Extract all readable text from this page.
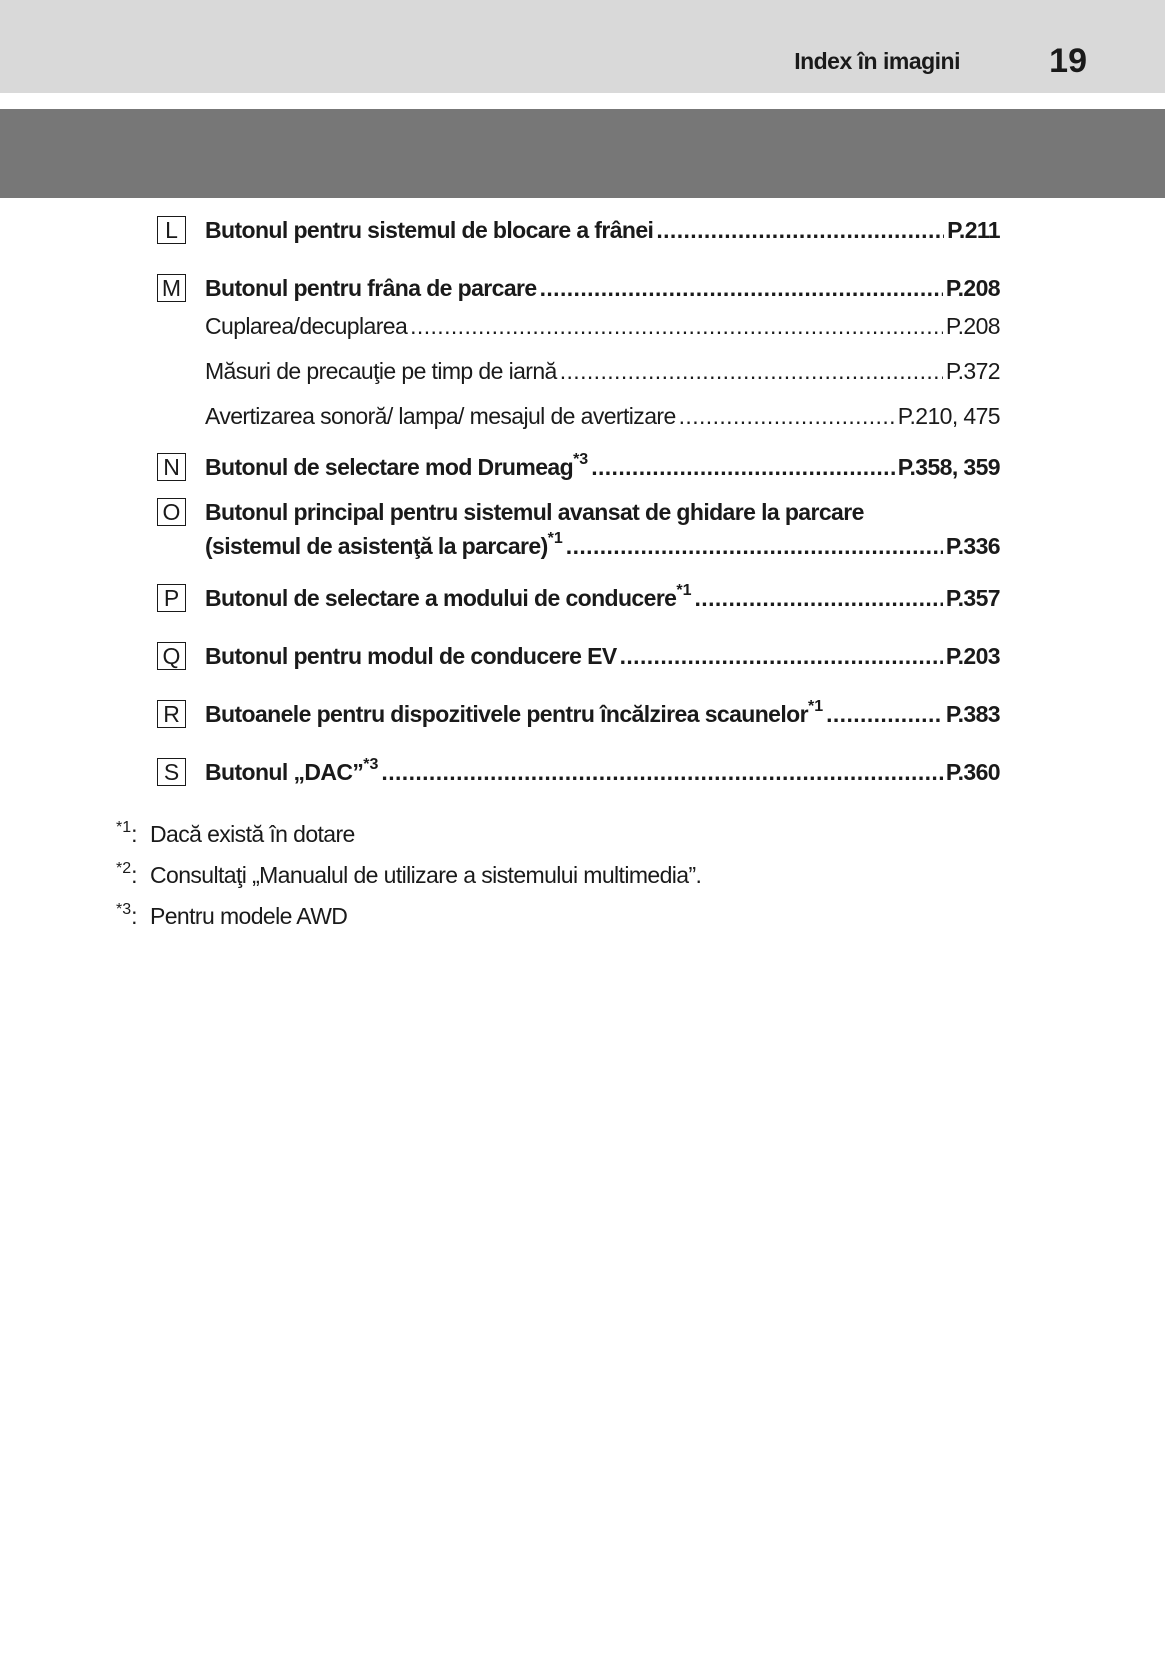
Index în imagini	19
L	Butonul pentru sistemul de blocare a frânei .....	P.211
M Butonul pentru frâna de parcare .....	P.208
Cuplarea/decuplarea .....	P.208
Măsuri de precauţie pe timp de iarnă .....	P.372
Avertizarea sonoră/ lampa/ mesajul de avertizare .....	P.210, 475
N Butonul de selectare mod Drumeag$^{*3}$ .....	P.358, 359
O Butonul principal pentru sistemul avansat de ghidare la parcare
(sistemul de asistenţă la parcare)$^{*1}$ .....	P.336
P Butonul de selectare a modului de conducere$^{*1}$ .....	P.357
Q Butonul pentru modul de conducere EV .....	P.203
R Butoanele pentru dispozitivele pentru încălzirea scaunelor$^{*1}$ .....	P.383
S Butonul „DAC”$^{*3}$ .....	P.360
$^{*1}$: Dacă există în dotare
$^{*2}$: Consultaţi „Manualul de utilizare a sistemului multimedia”.
$^{*3}$: Pentru modele AWD
